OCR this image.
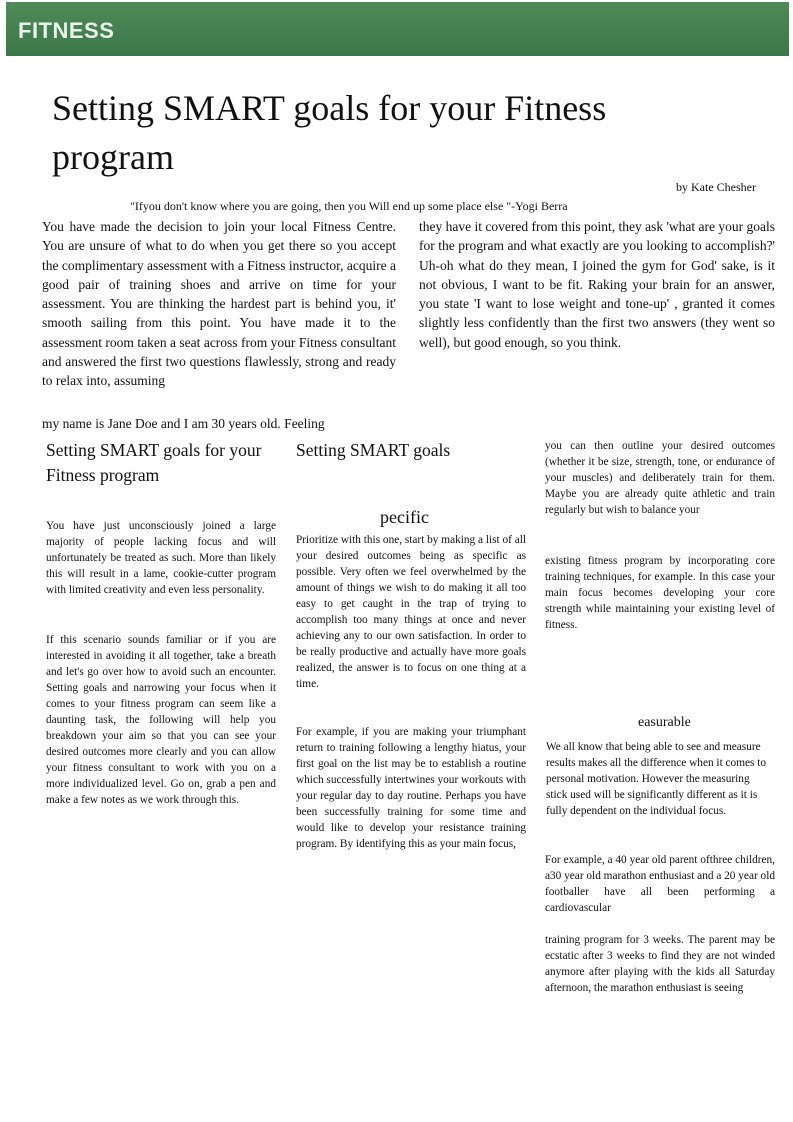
FITNESS
Setting SMART goals for your Fitness program
by Kate Chesher
"Ifyou don't know where you are going, then you Will end up some place else "-Yogi Berra

You have made the decision to join your local Fitness Centre. You are unsure of what to do when you get there so you accept the complimentary assessment with a Fitness instructor, acquire a good pair of training shoes and arrive on time for your assessment. You are thinking the hardest part is behind you, it' smooth sailing from this point. You have made it to the assessment room taken a seat across from your Fitness consultant and answered the first two questions flawlessly, strong and ready to relax into, assuming

they have it covered from this point, they ask 'what are your goals for the program and what exactly are you looking to accomplish?' Uh-oh what do they mean, I joined the gym for God' sake, is it not obvious, I want to be fit. Raking your brain for an answer, you state 'I want to lose weight and tone-up' , granted it comes slightly less confidently than the first two answers (they went so well), but good enough, so you think.

my name is Jane Doe and I am 30 years old. Feeling

Setting SMART goals for your Fitness program

You have just unconsciously joined a large majority of people lacking focus and will unfortunately be treated as such. More than likely this will result in a lame, cookie-cutter program with limited creativity and even less personality.

If this scenario sounds familiar or if you are interested in avoiding it all together, take a breath and let's go over how to avoid such an encounter. Setting goals and narrowing your focus when it comes to your fitness program can seem like a daunting task, the following will help you breakdown your aim so that you can see your desired outcomes more clearly and you can allow your fitness consultant to work with you on a more individualized level. Go on, grab a pen and make a few notes as we work through this.

Setting SMART goals
pecific

Prioritize with this one, start by making a list of all your desired outcomes being as specific as possible. Very often we feel overwhelmed by the amount of things we wish to do making it all too easy to get caught in the trap of trying to accomplish too many things at once and never achieving any to our own satisfaction. In order to be really productive and actually have more goals realized, the answer is to focus on one thing at a time.

For example, if you are making your triumphant return to training following a lengthy hiatus, your first goal on the list may be to establish a routine which successfully intertwines your workouts with your regular day to day routine. Perhaps you have been successfully training for some time and would like to develop your resistance training program. By identifying this as your main focus,

you can then outline your desired outcomes (whether it be size, strength, tone, or endurance of your muscles) and deliberately train for them. Maybe you are already quite athletic and train regularly but wish to balance your

existing fitness program by incorporating core training techniques, for example. In this case your main focus becomes developing your core strength while maintaining your existing level of fitness.

easurable

We all know that being able to see and measure results makes all the difference when it comes to personal motivation. However the measuring stick used will be significantly different as it is fully dependent on the individual focus.

For example, a 40 year old parent ofthree children, a30 year old marathon enthusiast and a 20 year old footballer have all been performing a cardiovascular

training program for 3 weeks. The parent may be ecstatic after 3 weeks to find they are not winded anymore after playing with the kids all Saturday afternoon, the marathon enthusiast is seeing
